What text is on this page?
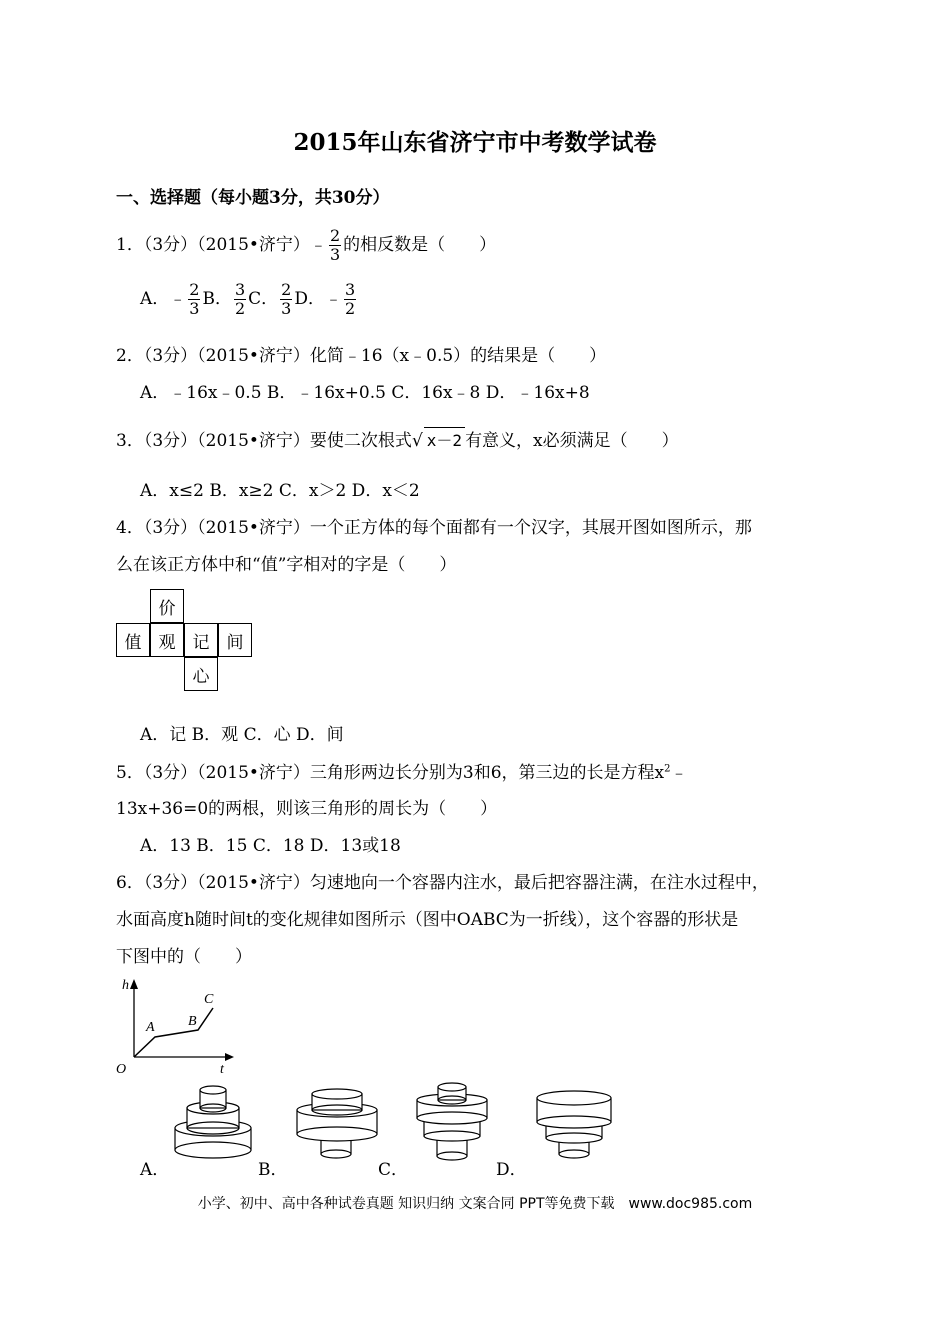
2015年山东省济宁市中考数学试卷
一、选择题（每小题3分，共30分）
1．（3分）（2015•济宁）﹣ $\frac{2}{3}$ 的相反数是（　　）
A．﹣ $\frac{2}{3}$ B． $\frac{3}{2}$ C． $\frac{2}{3}$ D．﹣ $\frac{3}{2}$
2．（3分）（2015•济宁）化简﹣16（x﹣0.5）的结果是（　　）
A．﹣16x﹣0.5 B．﹣16x+0.5 C．16x﹣8 D．﹣16x+8
3．（3分）（2015•济宁）要使二次根式√ x－2 有意义，x必须满足（　　）
A．x≤2 B．x≥2 C．x＞2 D．x＜2
4．（3分）（2015•济宁）一个正方体的每个面都有一个汉字，其展开图如图所示，那
么在该正方体中和“值”字相对的字是（　　）
价
值	观	记	间
心
A．记 B．观 C．心 D．间
5．（3分）（2015•济宁）三角形两边长分别为3和6，第三边的长是方程$x^2﹣$
13x+36=0的两根，则该三角形的周长为（　　）
A．13 B．15 C．18 D．13或18
6．（3分）（2015•济宁）匀速地向一个容器内注水，最后把容器注满，在注水过程中，
水面高度h随时间t的变化规律如图所示（图中OABC为一折线），这个容器的形状是
下图中的（　　）
h
t
O
A B
C
A．	B．	C．	D．
小学、初中、高中各种试卷真题 知识归纳 文案合同 PPT等免费下载　www.doc985.com
